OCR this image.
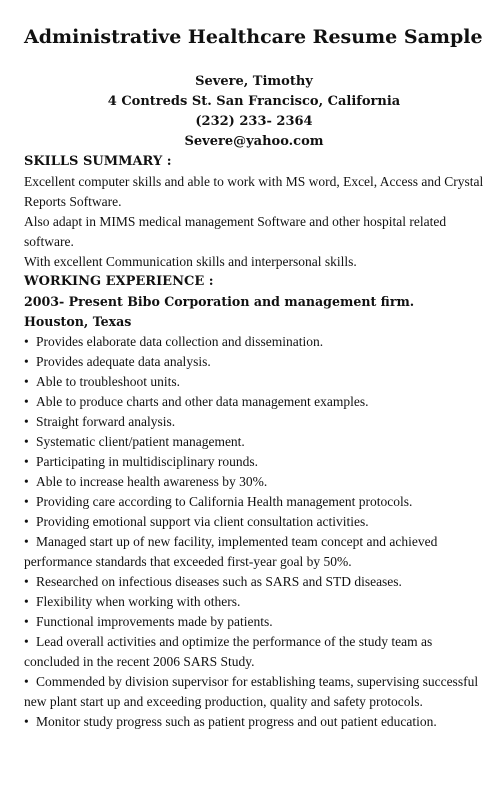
Administrative Healthcare Resume Sample

Severe, Timothy

4 Contreds St. San Francisco, California

(232) 233- 2364

Severe@yahoo.com

SKILLS SUMMARY :

Excellent computer skills and able to work with MS word, Excel, Access and Crystal Reports Software.

Also adapt in MIMS medical management Software and other hospital related software.

With excellent Communication skills and interpersonal skills.

WORKING EXPERIENCE :

2003- Present Bibo Corporation and management firm.

Houston, Texas

• Provides elaborate data collection and dissemination.
• Provides adequate data analysis.
• Able to troubleshoot units.
• Able to produce charts and other data management examples.
• Straight forward analysis.
• Systematic client/patient management.
• Participating in multidisciplinary rounds.
• Able to increase health awareness by 30%.
• Providing care according to California Health management protocols.
• Providing emotional support via client consultation activities.
• Managed start up of new facility, implemented team concept and achieved performance standards that exceeded first-year goal by 50%.
• Researched on infectious diseases such as SARS and STD diseases.
• Flexibility when working with others.
• Functional improvements made by patients.
• Lead overall activities and optimize the performance of the study team as concluded in the recent 2006 SARS Study.
• Commended by division supervisor for establishing teams, supervising successful new plant start up and exceeding production, quality and safety protocols.
• Monitor study progress such as patient progress and out patient education.
